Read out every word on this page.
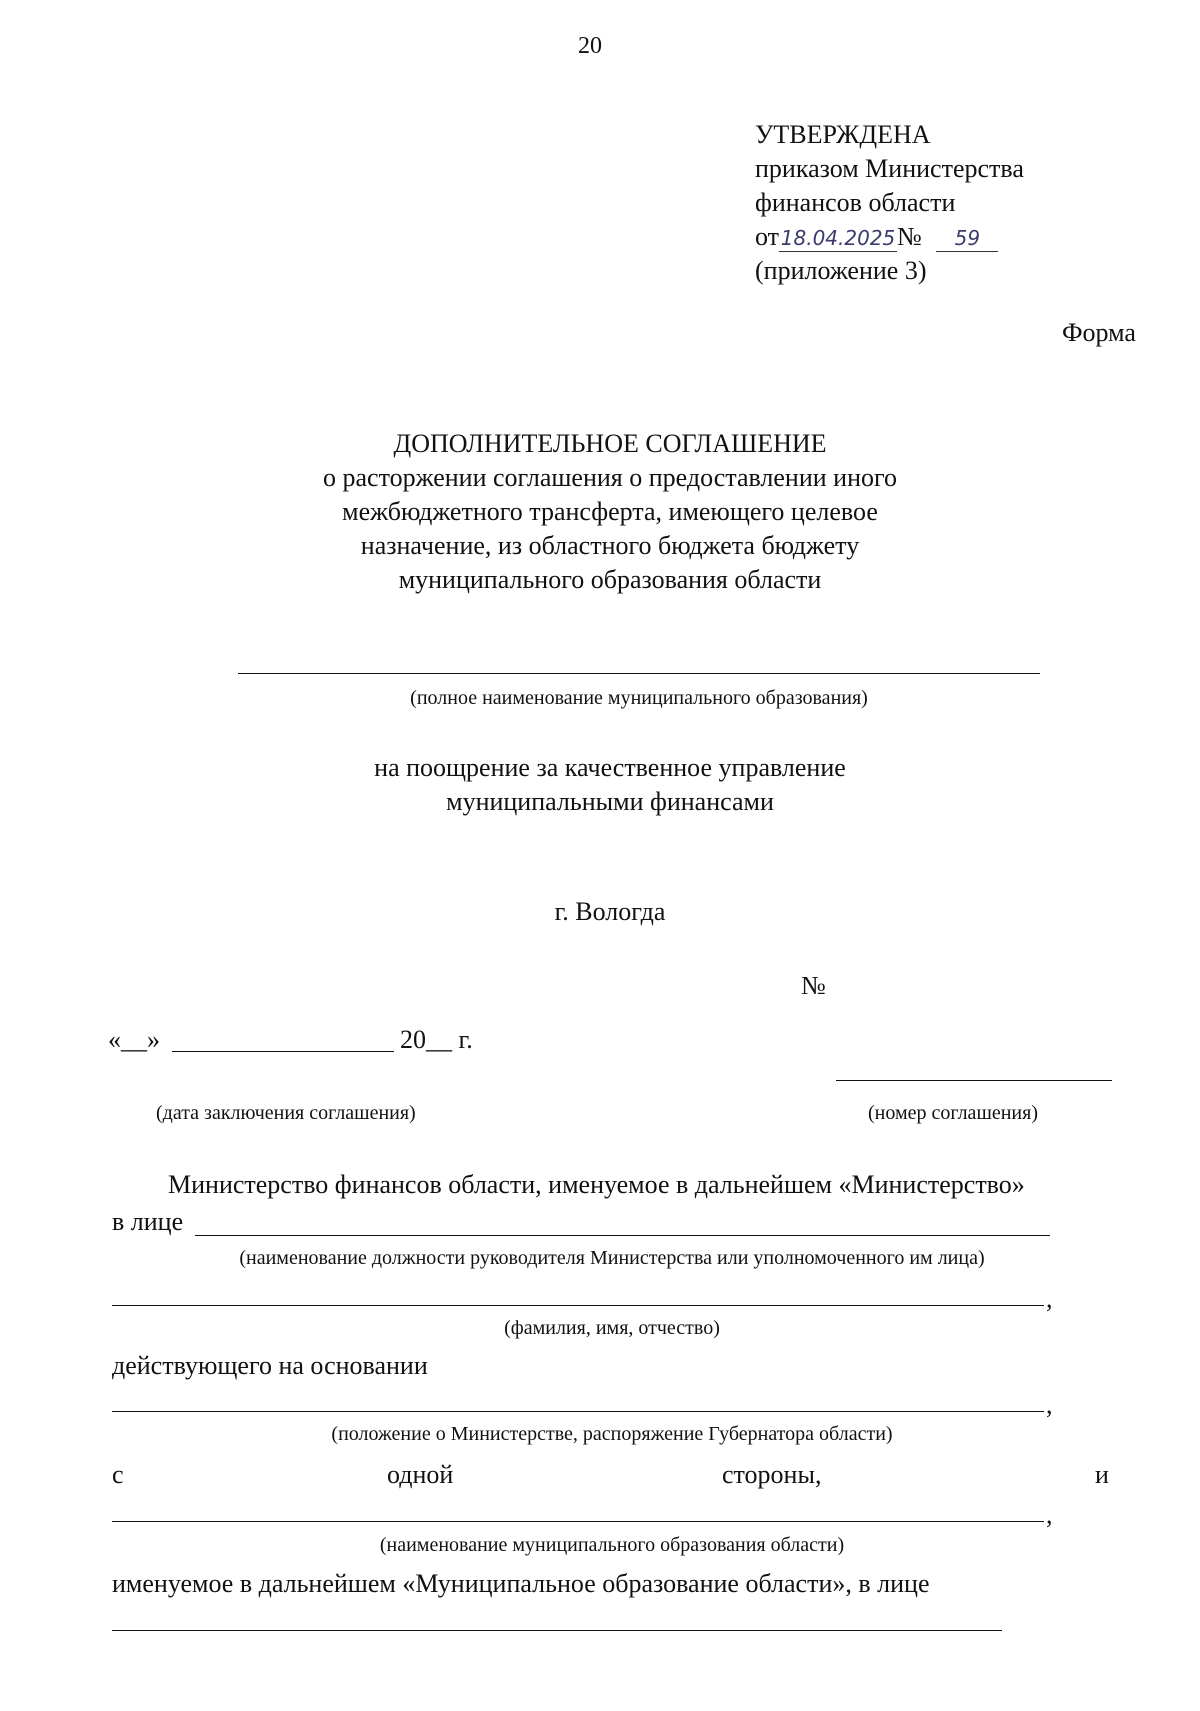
20
УТВЕРЖДЕНА
приказом Министерства
финансов области
от18.04.2025№ 59
(приложение 3)
Форма
ДОПОЛНИТЕЛЬНОЕ СОГЛАШЕНИЕ
о расторжении соглашения о предоставлении иного
межбюджетного трансферта, имеющего целевое
назначение, из областного бюджета бюджету
муниципального образования области
(полное наименование муниципального образования)
на поощрение за качественное управление
муниципальными финансами
г. Вологда
№
«__»	20__ г.
(дата заключения соглашения)	(номер соглашения)
Министерство финансов области, именуемое в дальнейшем «Министерство»
в лице
(наименование должности руководителя Министерства или уполномоченного им лица)
,
(фамилия, имя, отчество)
действующего на основании
,
(положение о Министерстве, распоряжение Губернатора области)
с	одной	стороны,	и
,
(наименование муниципального образования области)
именуемое в дальнейшем «Муниципальное образование области», в лице
